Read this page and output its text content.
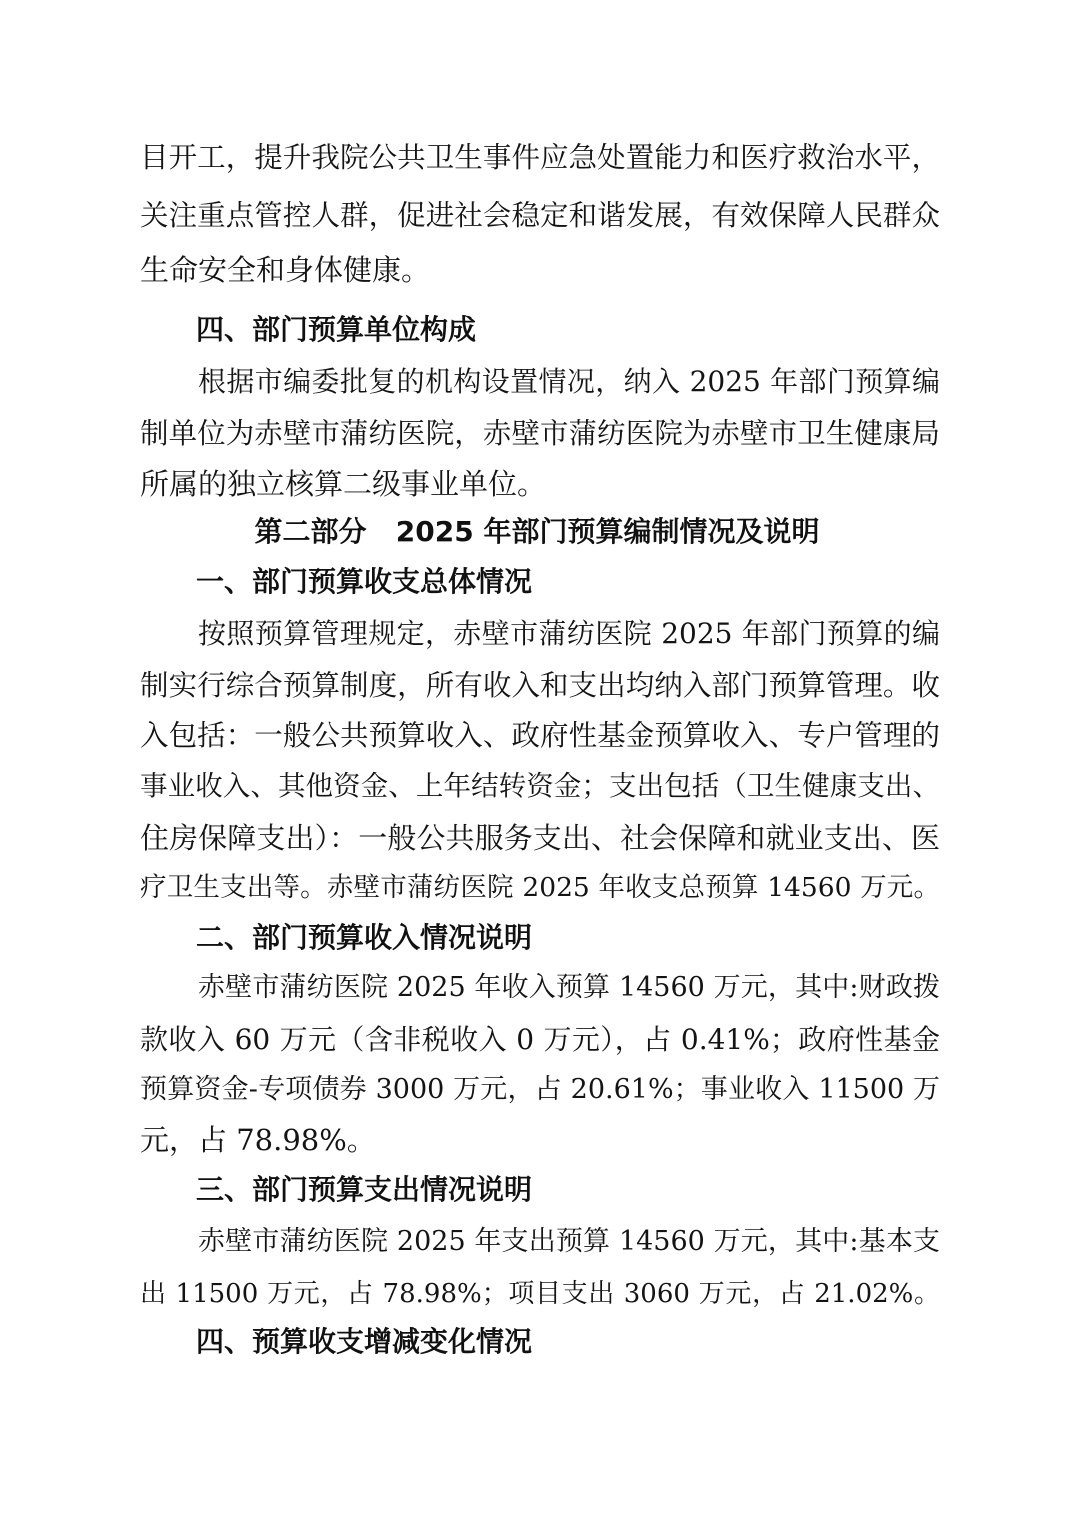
目开工，提升我院公共卫生事件应急处置能力和医疗救治水平，
关注重点管控人群，促进社会稳定和谐发展，有效保障人民群众
生命安全和身体健康。
四、部门预算单位构成
根据市编委批复的机构设置情况，纳入 2025 年部门预算编
制单位为赤壁市蒲纺医院，赤壁市蒲纺医院为赤壁市卫生健康局
所属的独立核算二级事业单位。
第二部分   2025 年部门预算编制情况及说明
一、部门预算收支总体情况
按照预算管理规定，赤壁市蒲纺医院 2025 年部门预算的编
制实行综合预算制度，所有收入和支出均纳入部门预算管理。收
入包括：一般公共预算收入、政府性基金预算收入、专户管理的
事业收入、其他资金、上年结转资金；支出包括（卫生健康支出、
住房保障支出）：一般公共服务支出、社会保障和就业支出、医
疗卫生支出等。赤壁市蒲纺医院 2025 年收支总预算 14560 万元。
二、部门预算收入情况说明
赤壁市蒲纺医院 2025 年收入预算 14560 万元，其中:财政拨
款收入 60 万元（含非税收入 0 万元），占 0.41%；政府性基金
预算资金-专项债券 3000 万元，占 20.61%；事业收入 11500 万
元，占 78.98%。
三、部门预算支出情况说明
赤壁市蒲纺医院 2025 年支出预算 14560 万元，其中:基本支
出 11500 万元，占 78.98%；项目支出 3060 万元，占 21.02%。
四、预算收支增减变化情况
